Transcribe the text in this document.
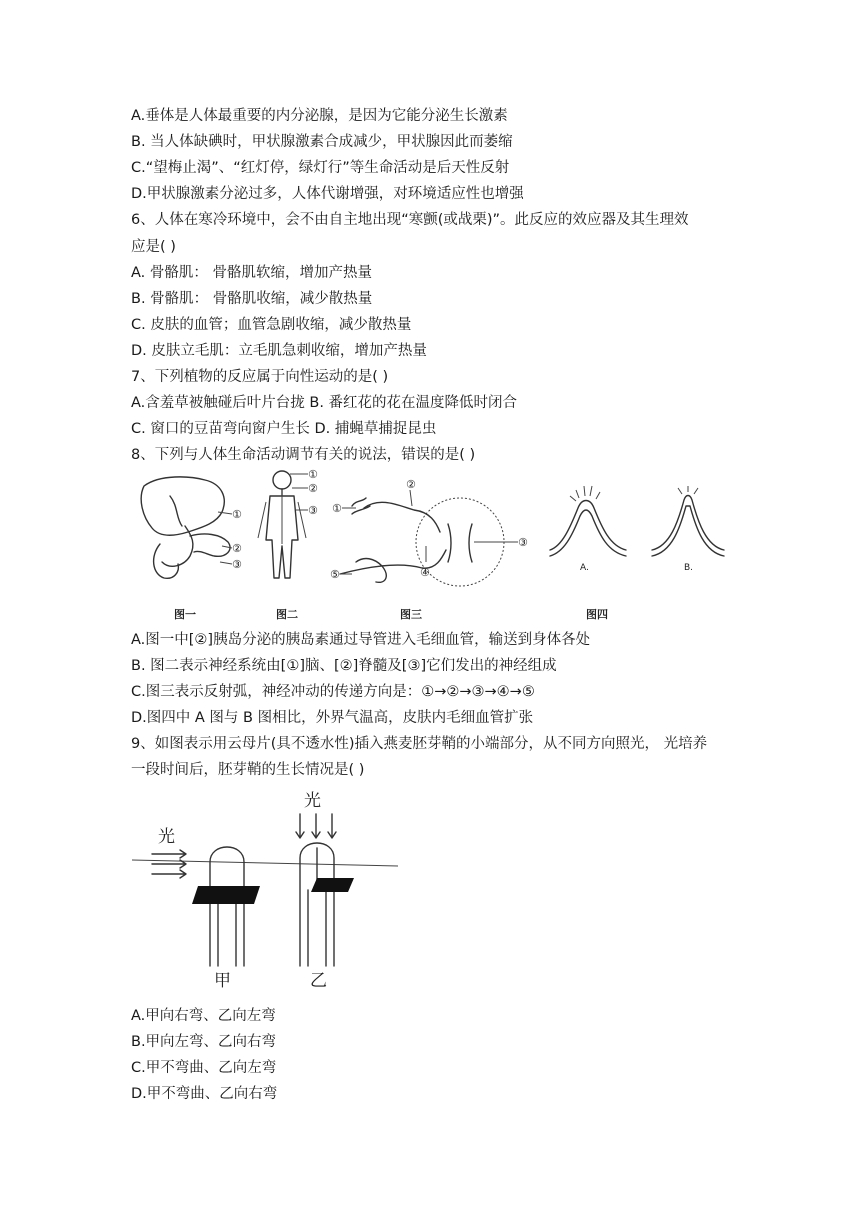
A.垂体是人体最重要的内分泌腺，是因为它能分泌生长激素
B. 当人体缺碘时，甲状腺激素合成减少，甲状腺因此而萎缩
C.“望梅止渴”、“红灯停，绿灯行”等生命活动是后天性反射
D.甲状腺激素分泌过多，人体代谢增强，对环境适应性也增强
6、人体在寒冷环境中，会不由自主地出现“寒颤(或战栗)”。此反应的效应器及其生理效
应是( )
A. 骨骼肌： 骨骼肌软缩，增加产热量
B. 骨骼肌： 骨骼肌收缩，减少散热量
C. 皮肤的血管；血管急剧收缩，减少散热量
D. 皮肤立毛肌：立毛肌急刺收缩，增加产热量
7、下列植物的反应属于向性运动的是( )
A.含羞草被触碰后叶片台拢 B. 番红花的花在温度降低时闭合
C. 窗口的豆苗弯向窗户生长 D. 捕蝇草捕捉昆虫
8、下列与人体生命活动调节有关的说法，错误的是( )
①
②
③
①
②
③ ①
②
③
④
⑤	A.	B.
图一	图二	图三	图四
A.图一中[②]胰岛分泌的胰岛素通过导管进入毛细血管，输送到身体各处
B. 图二表示神经系统由[①]脑、[②]脊髓及[③]它们发出的神经组成
C.图三表示反射弧，神经冲动的传递方向是：①→②→③→④→⑤
D.图四中 A 图与 B 图相比，外界气温高，皮肤内毛细血管扩张
9、如图表示用云母片(具不透水性)插入燕麦胚芽鞘的小端部分，从不同方向照光， 光培养
一段时间后，胚芽鞘的生长情况是( )
光
甲
光
乙
A.甲向右弯、乙向左弯
B.甲向左弯、乙向右弯
C.甲不弯曲、乙向左弯
D.甲不弯曲、乙向右弯
